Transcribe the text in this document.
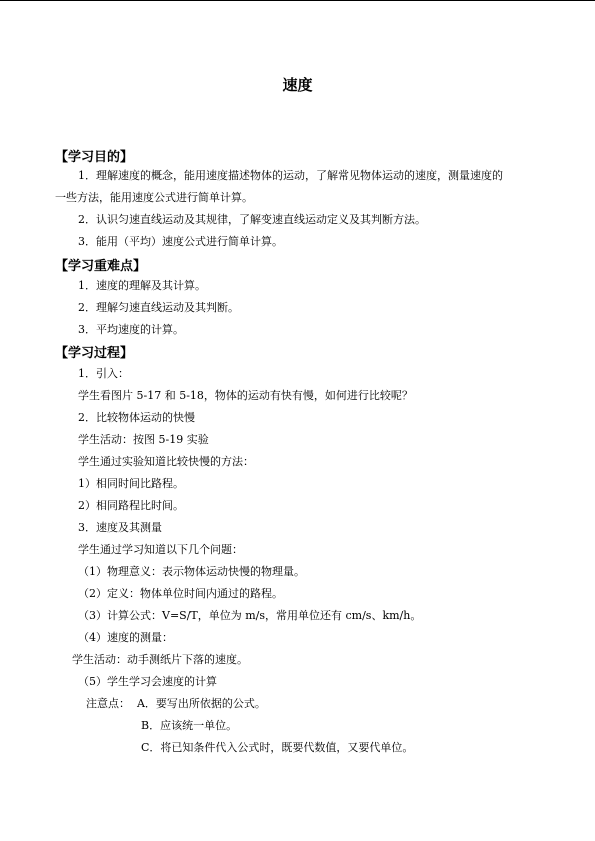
速度
【学习目的】
1．理解速度的概念，能用速度描述物体的运动，了解常见物体运动的速度，测量速度的
一些方法，能用速度公式进行简单计算。
2．认识匀速直线运动及其规律，了解变速直线运动定义及其判断方法。
3．能用（平均）速度公式进行简单计算。
【学习重难点】
1．速度的理解及其计算。
2．理解匀速直线运动及其判断。
3．平均速度的计算。
【学习过程】
1．引入：
学生看图片 5-17 和 5-18，物体的运动有快有慢，如何进行比较呢？
2．比较物体运动的快慢
学生活动：按图 5-19 实验
学生通过实验知道比较快慢的方法：
1）相同时间比路程。
2）相同路程比时间。
3．速度及其测量
学生通过学习知道以下几个问题：
（1）物理意义：表示物体运动快慢的物理量。
（2）定义：物体单位时间内通过的路程。
（3）计算公式：V=S/T，单位为 m/s，常用单位还有 cm/s、km/h。
（4）速度的测量：
学生活动：动手测纸片下落的速度。
（5）学生学习会速度的计算
注意点：  A．要写出所依据的公式。
B．应该统一单位。
C．将已知条件代入公式时，既要代数值，又要代单位。
